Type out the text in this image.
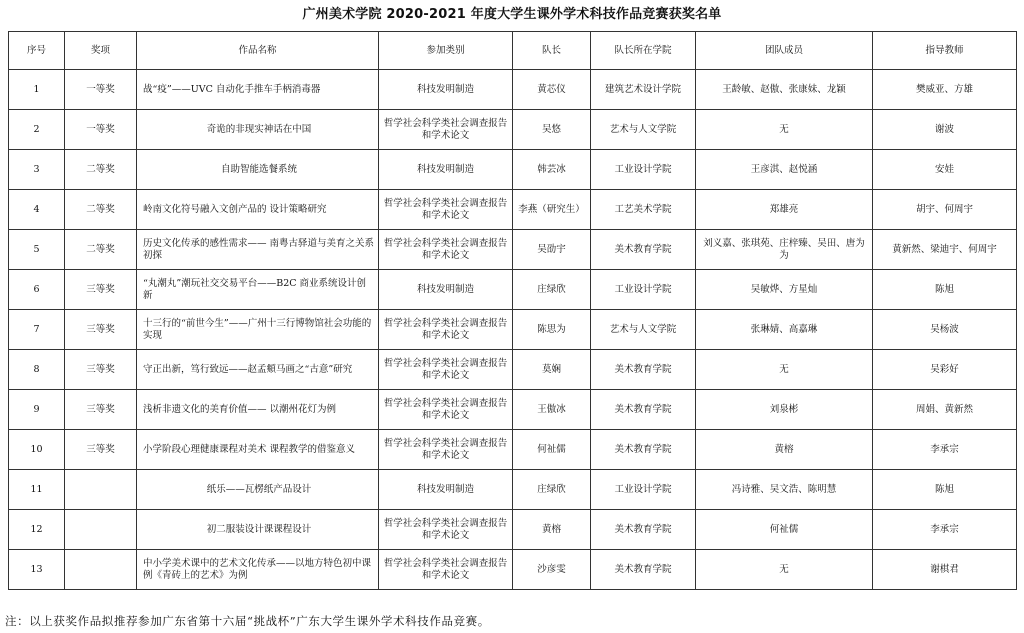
广州美术学院 2020-2021 年度大学生课外学术科技作品竞赛获奖名单
序号	奖项	作品名称	参加类别	队长	队长所在学院	团队成员	指导教师
1	一等奖	战“疫”——UVC 自动化手推车手柄消毒器	科技发明制造	黄芯仪	建筑艺术设计学院	王龄敏、赵傲、张康妹、龙颖	樊威亚、方雄
2	一等奖	奇诡的非现实神话在中国	哲学社会科学类社会调查报告和学术论文	吴悠	艺术与人文学院	无	谢波
3	二等奖	自助智能选餐系统	科技发明制造	韩芸冰	工业设计学院	王彦淇、赵悦涵	安娃
4	二等奖	岭南文化符号融入文创产品的 设计策略研究	哲学社会科学类社会调查报告和学术论文	李燕（研究生）	工艺美术学院	郑雄亮	胡宇、何周宇
5	二等奖	历史文化传承的感性需求—— 南粤古驿道与美育之关系初探	哲学社会科学类社会调查报告和学术论文	吴劭宇	美术教育学院	刘义嘉、张琪苑、庄梓臻、吴田、唐为为	黄新然、梁迪宇、何周宇
6	三等奖	“丸潮丸”潮玩社交交易平台——B2C 商业系统设计创新	科技发明制造	庄绿欣	工业设计学院	吴敏烨、方星灿	陈旭
7	三等奖	十三行的“前世今生”——广州十三行博物馆社会功能的实现	哲学社会科学类社会调查报告和学术论文	陈思为	艺术与人文学院	张琳婧、高嘉琳	吴杨波
8	三等奖	守正出新，笃行致远——赵孟頫马画之“古意”研究	哲学社会科学类社会调查报告和学术论文	莫娴	美术教育学院	无	吴彩好
9	三等奖	浅析非遗文化的美育价值—— 以潮州花灯为例	哲学社会科学类社会调查报告和学术论文	王傲冰	美术教育学院	刘泉彬	周娟、黄新然
10	三等奖	小学阶段心理健康课程对美术 课程教学的借鉴意义	哲学社会科学类社会调查报告和学术论文	何祉儒	美术教育学院	黄榕	李承宗
11		纸乐——瓦楞纸产品设计	科技发明制造	庄绿欣	工业设计学院	冯诗雅、吴文浩、陈明慧	陈旭
12		初二服装设计课课程设计	哲学社会科学类社会调查报告和学术论文	黄榕	美术教育学院	何祉儒	李承宗
13		中小学美术课中的艺术文化传承——以地方特色初中课例《青砖上的艺术》为例	哲学社会科学类社会调查报告和学术论文	沙彦雯	美术教育学院	无	谢棋君
注：以上获奖作品拟推荐参加广东省第十六届“挑战杯”广东大学生课外学术科技作品竞赛。
